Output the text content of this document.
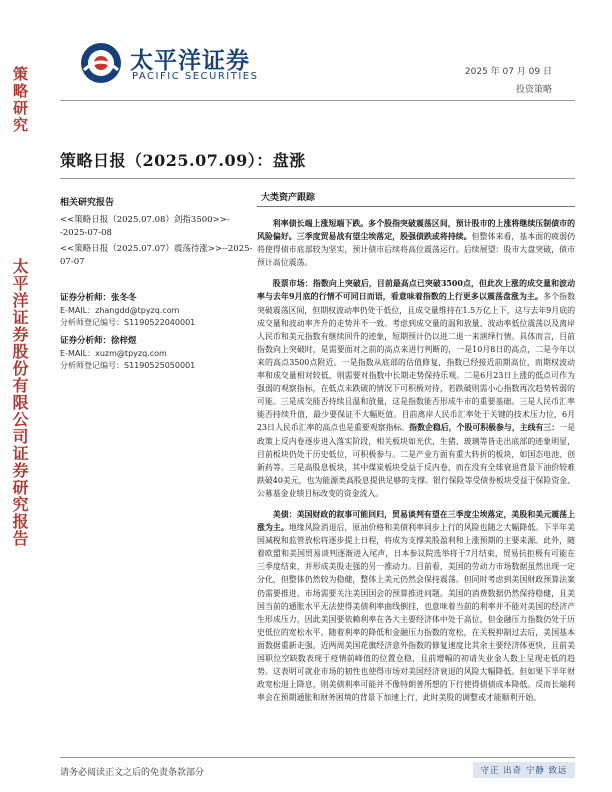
策略研究
太平洋证券股份有限公司证券研究报告
太平洋证券
PACIFIC SECURITIES	2025 年 07 月 09 日
投资策略
策略日报（2025.07.09）：盘涨
相关研究报告
<<策略日报（2025.07.08）剑指3500>>--2025-07-08
<<策略日报（2025.07.07）震荡待涨>>--2025-07-07
证券分析师：张冬冬
E-MAIL：zhangdd@tpyzq.com
分析师登记编号：S1190522040001
证券分析师：徐梓煜
E-MAIL：xuzm@tpyzq.com
分析师登记编号：S1190525050001
大类资产跟踪

利率债长端上涨短端下跌。多个股指突破震荡区间，预计股市的上涨将继续压制债市的风险偏好。三季度贸易战有望尘埃落定，股强债跌或将持续。但整体来看，基本面的疲弱仍将使得债市底部较为坚实，预计债市后续将高位震荡运行。后续展望：股市大盘突破，债市预计高位震荡。

股票市场：指数向上突破后，目前最高点已突破3500点，但此次上涨的成交量和波动率与去年9月底的行情不可同日而语，看意味着指数的上行更多以震荡盘涨为主。多个指数突破震荡区间，但期权波动率仍处于低位，且成交量维持在1.5万亿上下，这与去年9月底的成交量和波动率齐升的走势并不一致。考虑到成交量的温和放量、波动率低位震荡以及离岸人民币和美元指数有继续回升的迹象，短期预计仍以进二退一来演绎行情。具体而言，目前指数向上突破时，是需要面对之前的高点来进行判断的，一是10月8日的高点，二是今年以来的高点3500点附近。一是指数从底部的估值修复，指数已经接近前期高位，而期权波动率和成交量相对较低，则需要对指数中长期走势保持乐观。二是6月23日上涨的低点可作为强弱的观察指标，在低点未跌破的情况下可积极对待，若跌破则需小心指数再次趋势转弱的可能。三是成交能否持续且温和放量，这是指数能否形成牛市的重要基础。三是人民币汇率能否持续升值，最少要保证不大幅贬值。目前离岸人民币汇率处于关键的技术压力位，6月23日人民币汇率的高点也是重要观察指标。指数企稳后，个股可积极参与，主线有三：一是政策上反内卷逐步进入落实阶段，相关板块如光伏、生猪、玻璃等皆走出底部的迹象明显，目前板块仍处于历史低位，可积极参与。二是产业方面有重大转折的板块，如国态电池、创新药等。三是高股息板块，其中煤炭板块受益于反内卷，而在没有全球衰退背景下油价较难跌破40美元，也为能源类高股息提供足够的支撑。银行保险等受债券板块受益于保险资金、公募基金业绩目标改变的资金流入。

美债：美国财政的叙事可能回归，贸易谈判有望在三季度尘埃落定，美股和美元震荡上涨为主。地缘风险消退后，原油价格和美债利率同步上行的风险也随之大幅降低。下半年美国减税和监管放松将逐步提上日程，将成为支撑美股盈利和上涨预期的主要来源。此外，随着欧盟和美国贸易谈判逐渐进入尾声，日本参议院选举将于7月结束，贸易抗拒极有可能在三季度结束，并形成美股走强的另一推动力。目前看，美国的劳动力市场数据虽然出现一定分化，但整体仍然较为稳健，整体上美元仍然会保持震荡。但同时考虑到美国财政预算法案仍需要推进，市场需要关注美国国会的预算推进问题。美国的消费数据仍然保持稳健，且美国当前的通胀水平无法使得美债利率曲线倒挂，也意味着当前的利率并不能对美国的经济产生形成压力，因此美国要依赖利率在各大主要经济体中处于高位，但金融压力指数仍处于历史低位的宽松水平。随着利率的降低和金融压力指数的宽松，在关税抑制过去后，美国基本面数据重新走强。近两周美国花旗经济意外指数的修复速度比其余主要经济体更快，且前美国职位空缺数表现于疫情前峰值的位置仓稳，且前增幅的初请失业金人数上呈现走低的趋势。这表明可就业市场的韧性也使得市场对美国经济衰退的风险大幅降低。但如果下半年财政宽松退上降息，则美债利率可能并不像特朗普所想的下行使得债债成本降低。反而长端利率会在预期通胀和财务困境的背景下加速上行，此时美股的调整或才能顺利开始。

请务必阅读正文之后的免责条款部分	守正 出奇 宁静 致远
